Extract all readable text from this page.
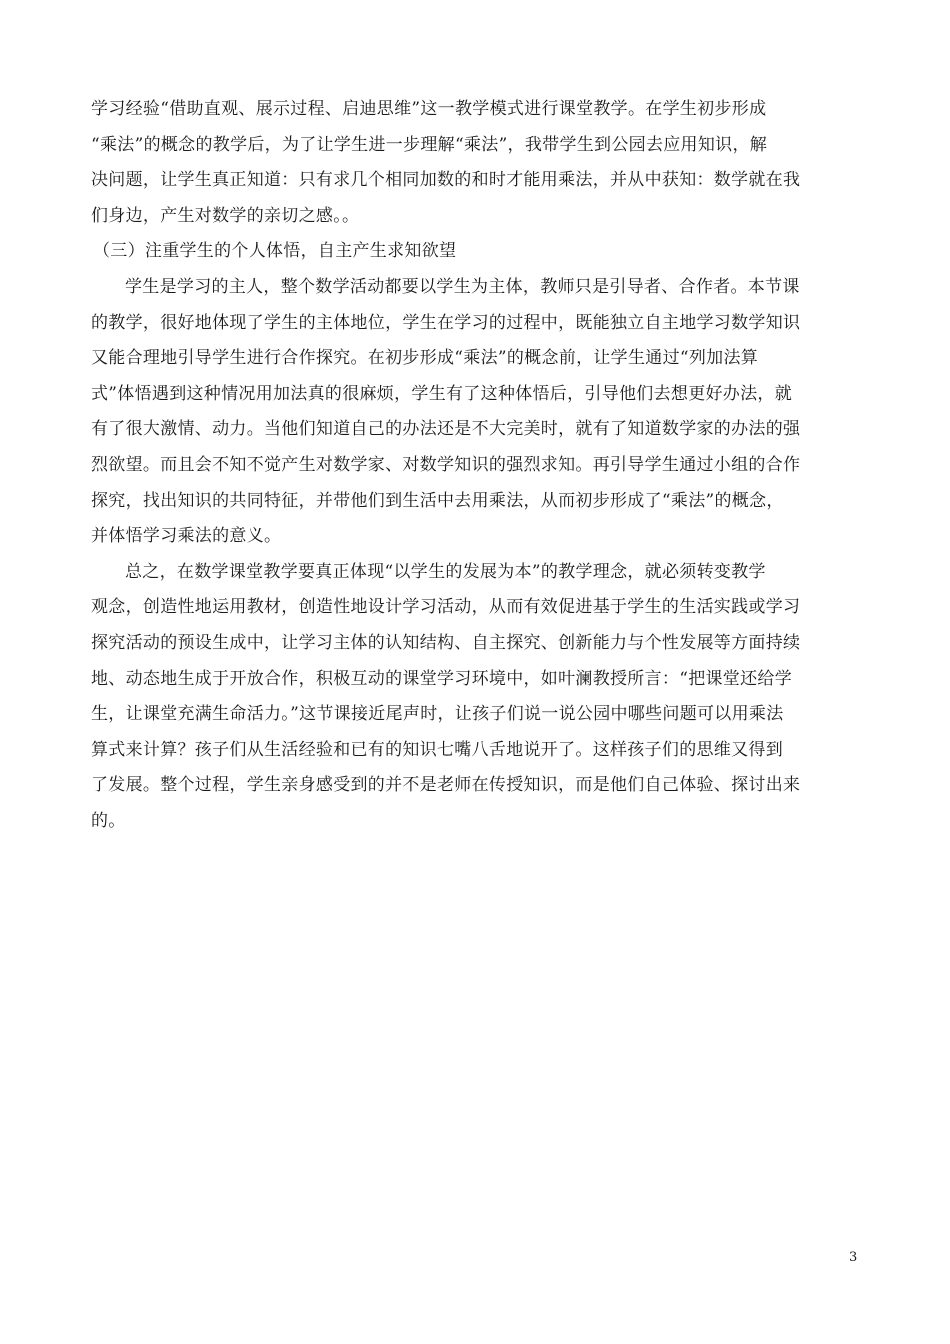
学习经验“借助直观、展示过程、启迪思维”这一教学模式进行课堂教学。在学生初步形成
“乘法”的概念的教学后，为了让学生进一步理解“乘法”，我带学生到公园去应用知识，解
决问题，让学生真正知道：只有求几个相同加数的和时才能用乘法，并从中获知：数学就在我
们身边，产生对数学的亲切之感。。
（三）注重学生的个人体悟，自主产生求知欲望
学生是学习的主人，整个数学活动都要以学生为主体，教师只是引导者、合作者。本节课
的教学，很好地体现了学生的主体地位，学生在学习的过程中，既能独立自主地学习数学知识
又能合理地引导学生进行合作探究。在初步形成“乘法”的概念前，让学生通过“列加法算
式”体悟遇到这种情况用加法真的很麻烦，学生有了这种体悟后，引导他们去想更好办法，就
有了很大激情、动力。当他们知道自己的办法还是不大完美时，就有了知道数学家的办法的强
烈欲望。而且会不知不觉产生对数学家、对数学知识的强烈求知。再引导学生通过小组的合作
探究，找出知识的共同特征，并带他们到生活中去用乘法，从而初步形成了“乘法”的概念，
并体悟学习乘法的意义。
总之，在数学课堂教学要真正体现“以学生的发展为本”的教学理念，就必须转变教学
观念，创造性地运用教材，创造性地设计学习活动，从而有效促进基于学生的生活实践或学习
探究活动的预设生成中，让学习主体的认知结构、自主探究、创新能力与个性发展等方面持续
地、动态地生成于开放合作，积极互动的课堂学习环境中，如叶澜教授所言：“把课堂还给学
生，让课堂充满生命活力。”这节课接近尾声时，让孩子们说一说公园中哪些问题可以用乘法
算式来计算？孩子们从生活经验和已有的知识七嘴八舌地说开了。这样孩子们的思维又得到
了发展。整个过程，学生亲身感受到的并不是老师在传授知识，而是他们自己体验、探讨出来
的。
3
